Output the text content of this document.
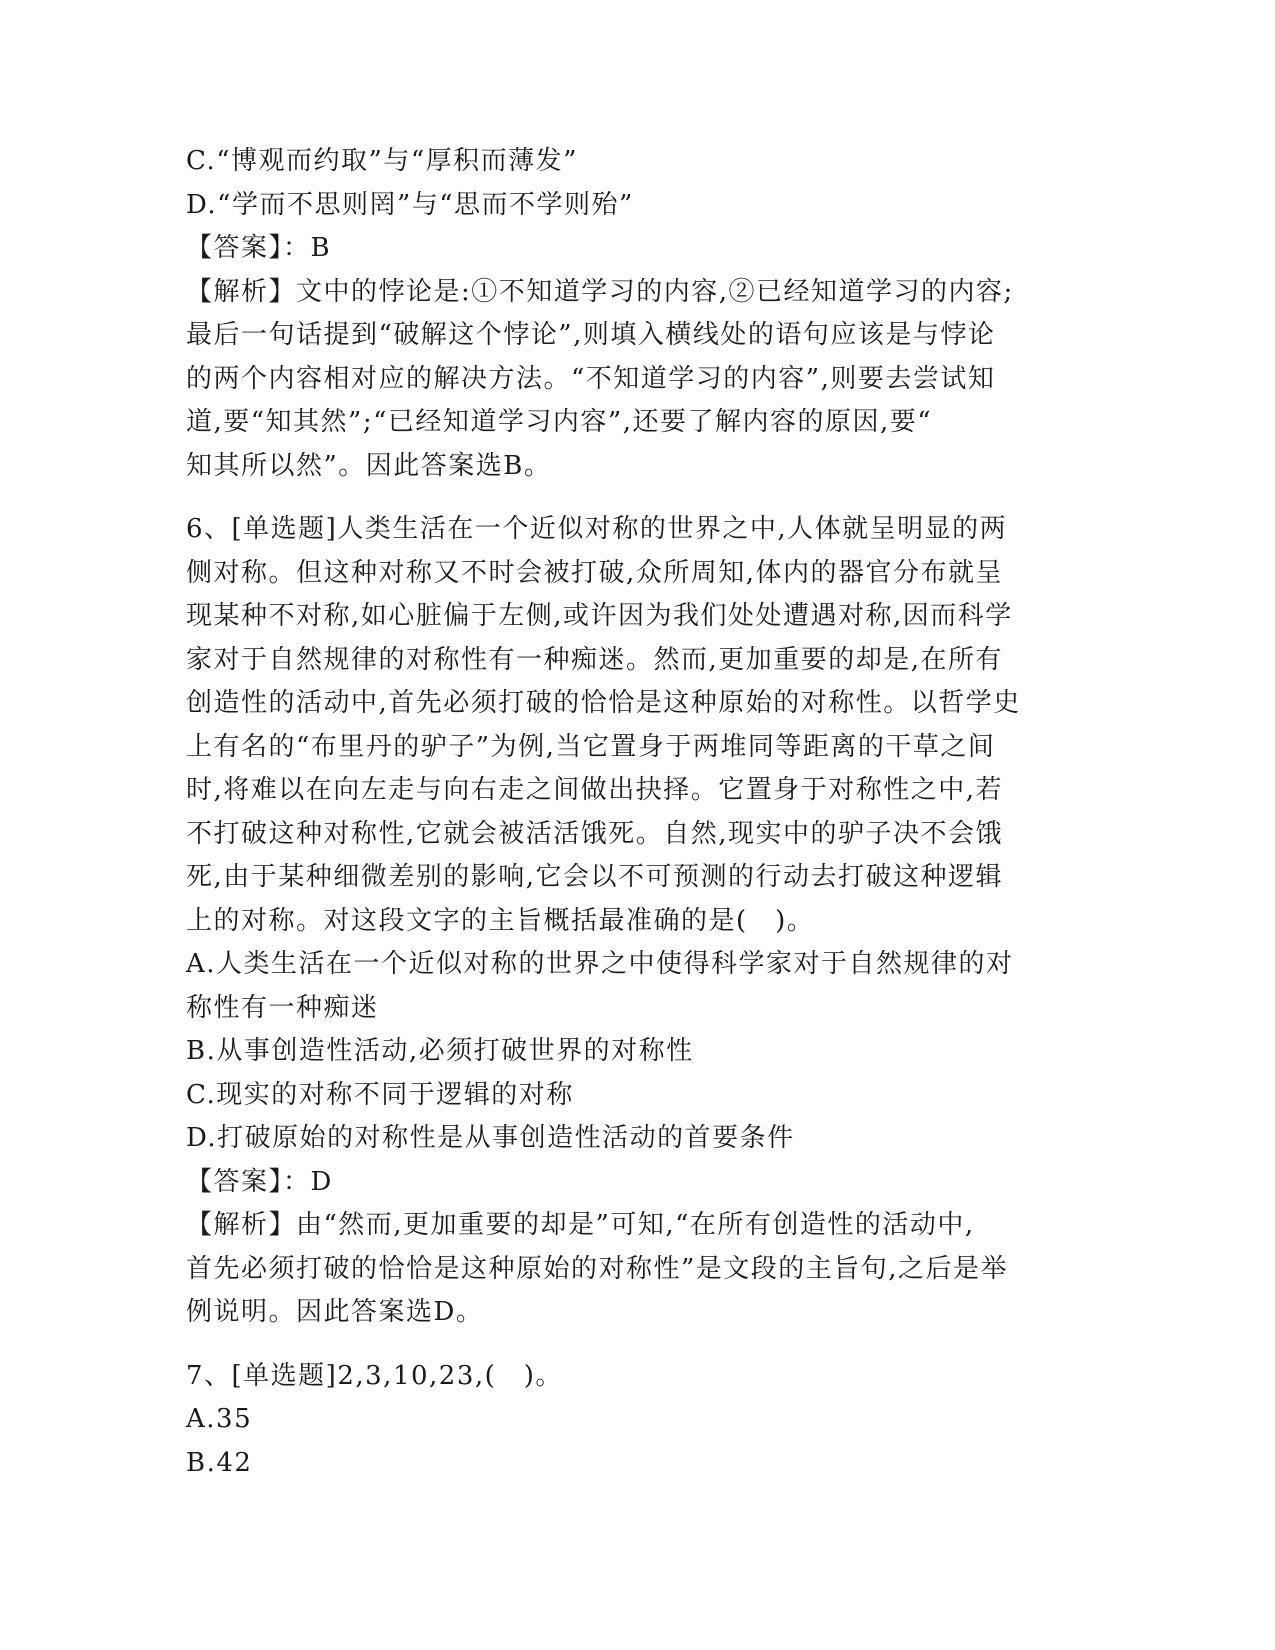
C.“博观而约取”与“厚积而薄发”
D.“学而不思则罔”与“思而不学则殆”
【答案】：B
【解析】文中的悖论是:①不知道学习的内容,②已经知道学习的内容;
最后一句话提到“破解这个悖论”,则填入横线处的语句应该是与悖论
的两个内容相对应的解决方法。“不知道学习的内容”,则要去尝试知
道,要“知其然”;“已经知道学习内容”,还要了解内容的原因,要“
知其所以然”。因此答案选B。
6、[单选题]人类生活在一个近似对称的世界之中,人体就呈明显的两
侧对称。但这种对称又不时会被打破,众所周知,体内的器官分布就呈
现某种不对称,如心脏偏于左侧,或许因为我们处处遭遇对称,因而科学
家对于自然规律的对称性有一种痴迷。然而,更加重要的却是,在所有
创造性的活动中,首先必须打破的恰恰是这种原始的对称性。以哲学史
上有名的“布里丹的驴子”为例,当它置身于两堆同等距离的干草之间
时,将难以在向左走与向右走之间做出抉择。它置身于对称性之中,若
不打破这种对称性,它就会被活活饿死。自然,现实中的驴子决不会饿
死,由于某种细微差别的影响,它会以不可预测的行动去打破这种逻辑
上的对称。对这段文字的主旨概括最准确的是(　)。
A.人类生活在一个近似对称的世界之中使得科学家对于自然规律的对
称性有一种痴迷
B.从事创造性活动,必须打破世界的对称性
C.现实的对称不同于逻辑的对称
D.打破原始的对称性是从事创造性活动的首要条件
【答案】：D
【解析】由“然而,更加重要的却是”可知,“在所有创造性的活动中,
首先必须打破的恰恰是这种原始的对称性”是文段的主旨句,之后是举
例说明。因此答案选D。
7、[单选题]2,3,10,23,(　)。
A.35
B.42
